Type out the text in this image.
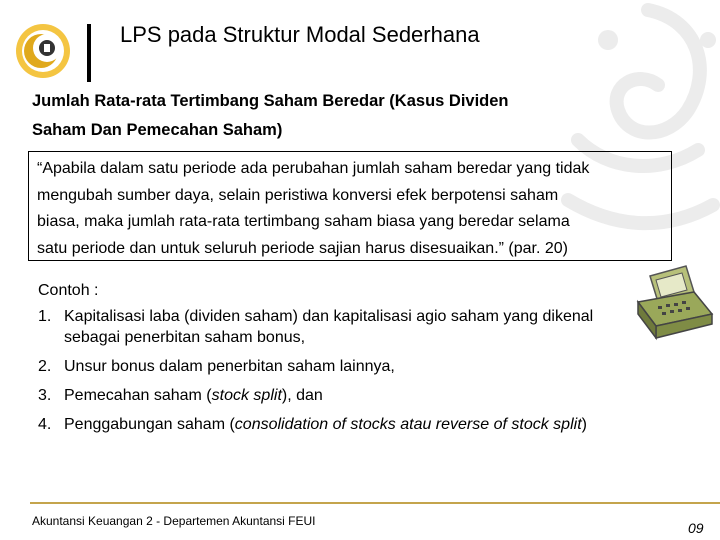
LPS pada Struktur Modal Sederhana
Jumlah Rata-rata Tertimbang Saham Beredar (Kasus Dividen
Saham Dan Pemecahan Saham)
“Apabila dalam satu periode ada perubahan jumlah saham beredar yang tidak
mengubah sumber daya, selain peristiwa konversi efek berpotensi saham
biasa, maka jumlah rata-rata tertimbang saham biasa yang beredar selama
satu periode dan untuk seluruh periode sajian harus disesuaikan.” (par. 20)
Contoh :
1. Kapitalisasi laba (dividen saham) dan kapitalisasi agio saham yang dikenal sebagai penerbitan saham bonus,
2. Unsur bonus dalam penerbitan saham lainnya,
3. Pemecahan saham (stock split), dan
4. Penggabungan saham (consolidation of stocks atau reverse of stock split)
Akuntansi Keuangan 2 - Departemen Akuntansi FEUI	09
